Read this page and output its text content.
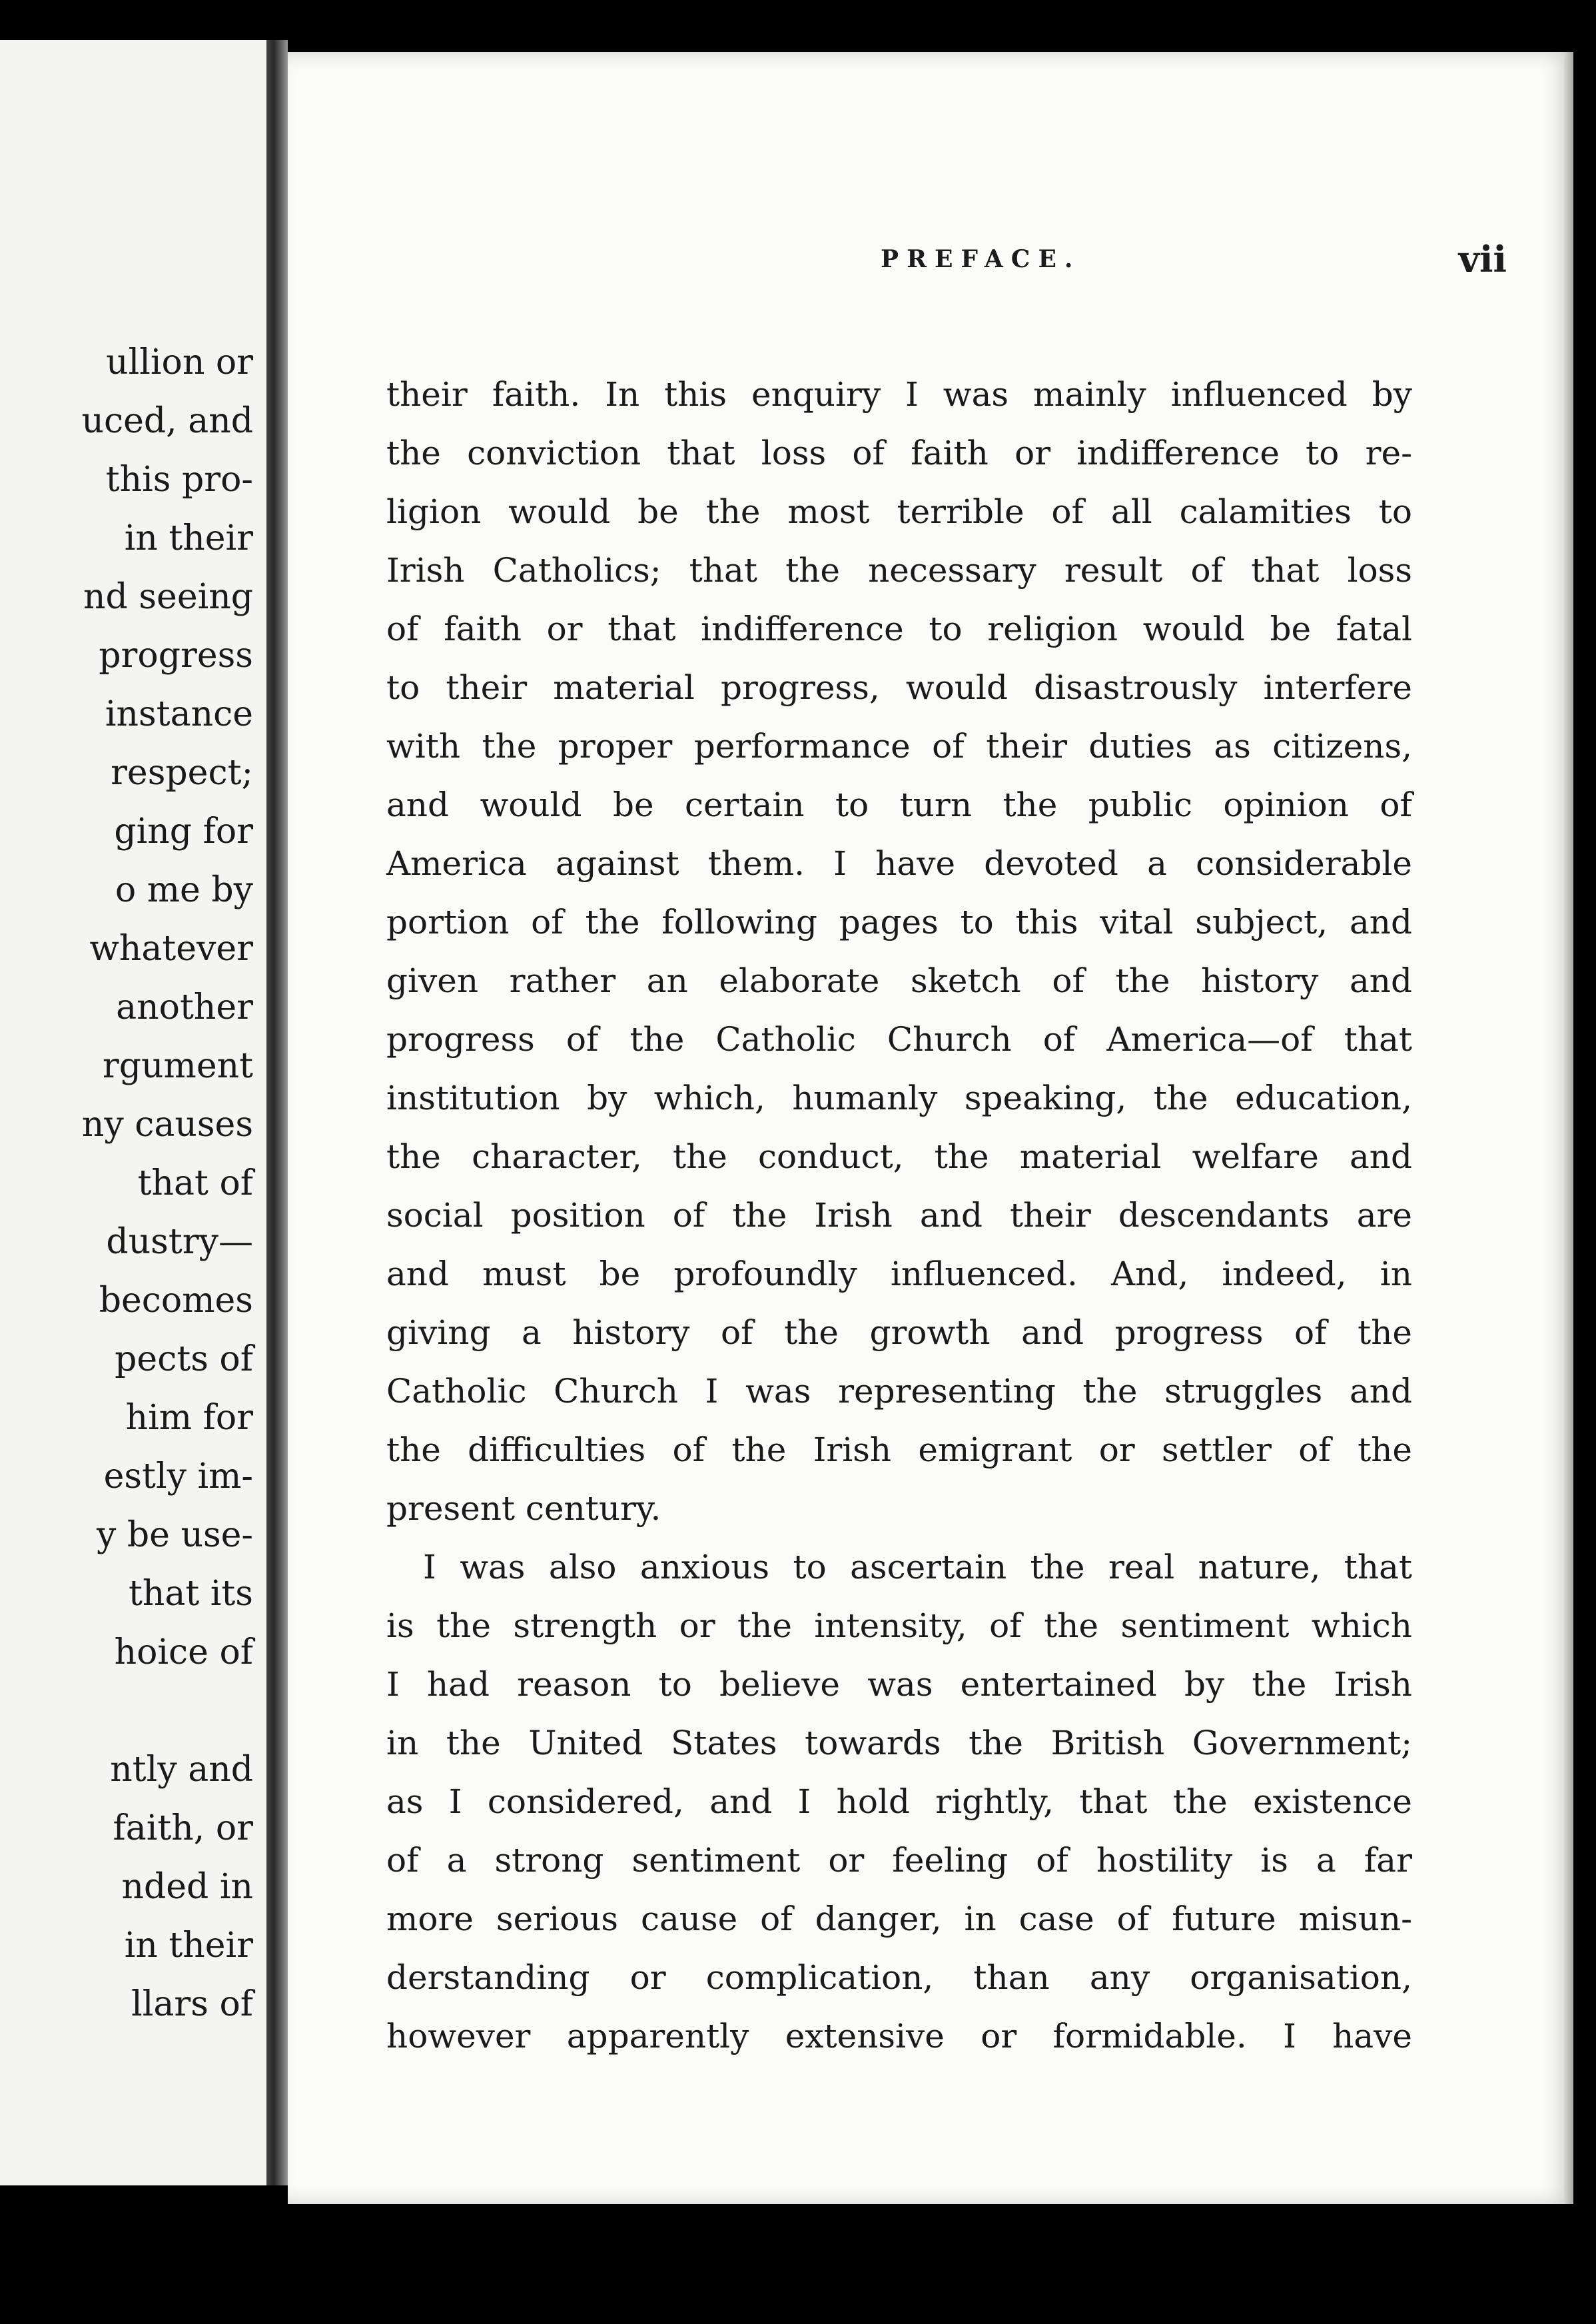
ullion or
uced, and
this pro-
in their
nd seeing
progress
instance
respect;
ging for
o me by
whatever
another
rgument
ny causes
that of
dustry—
becomes
pects of
him for
estly im-
y be use-
that its
hoice of
ntly and
faith, or
nded in
in their
llars of
PREFACE.	vii
their faith. In this enquiry I was mainly influenced by
the conviction that loss of faith or indifference to re-
ligion would be the most terrible of all calamities to
Irish Catholics; that the necessary result of that loss
of faith or that indifference to religion would be fatal
to their material progress, would disastrously interfere
with the proper performance of their duties as citizens,
and would be certain to turn the public opinion of
America against them. I have devoted a considerable
portion of the following pages to this vital subject, and
given rather an elaborate sketch of the history and
progress of the Catholic Church of America—of that
institution by which, humanly speaking, the education,
the character, the conduct, the material welfare and
social position of the Irish and their descendants are
and must be profoundly influenced. And, indeed, in
giving a history of the growth and progress of the
Catholic Church I was representing the struggles and
the difficulties of the Irish emigrant or settler of the
present century.
I was also anxious to ascertain the real nature, that
is the strength or the intensity, of the sentiment which
I had reason to believe was entertained by the Irish
in the United States towards the British Government;
as I considered, and I hold rightly, that the existence
of a strong sentiment or feeling of hostility is a far
more serious cause of danger, in case of future misun-
derstanding or complication, than any organisation,
however apparently extensive or formidable. I have
